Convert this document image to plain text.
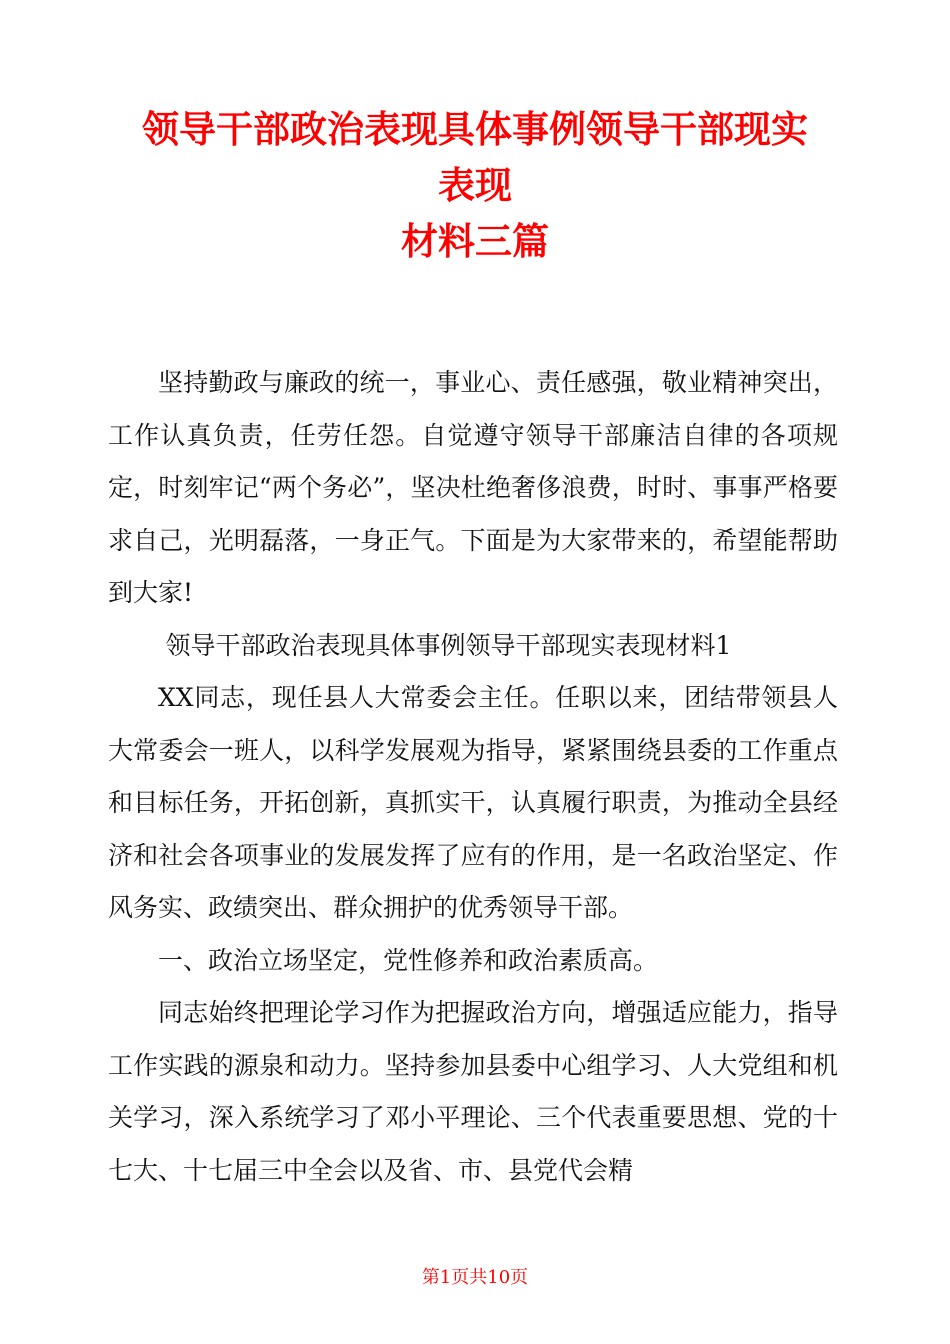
领导干部政治表现具体事例领导干部现实
表现
材料三篇

坚持勤政与廉政的统一，事业心、责任感强，敬业精神突出，工作认真负责，任劳任怨。自觉遵守领导干部廉洁自律的各项规定，时刻牢记“两个务必”，坚决杜绝奢侈浪费，时时、事事严格要求自己，光明磊落，一身正气。下面是为大家带来的，希望能帮助到大家!

领导干部政治表现具体事例领导干部现实表现材料1

XX同志，现任县人大常委会主任。任职以来，团结带领县人大常委会一班人，以科学发展观为指导，紧紧围绕县委的工作重点和目标任务，开拓创新，真抓实干，认真履行职责，为推动全县经济和社会各项事业的发展发挥了应有的作用，是一名政治坚定、作风务实、政绩突出、群众拥护的优秀领导干部。

一、政治立场坚定，党性修养和政治素质高。

同志始终把理论学习作为把握政治方向，增强适应能力，指导工作实践的源泉和动力。坚持参加县委中心组学习、人大党组和机关学习，深入系统学习了邓小平理论、三个代表重要思想、党的十七大、十七届三中全会以及省、市、县党代会精

第1页共10页
